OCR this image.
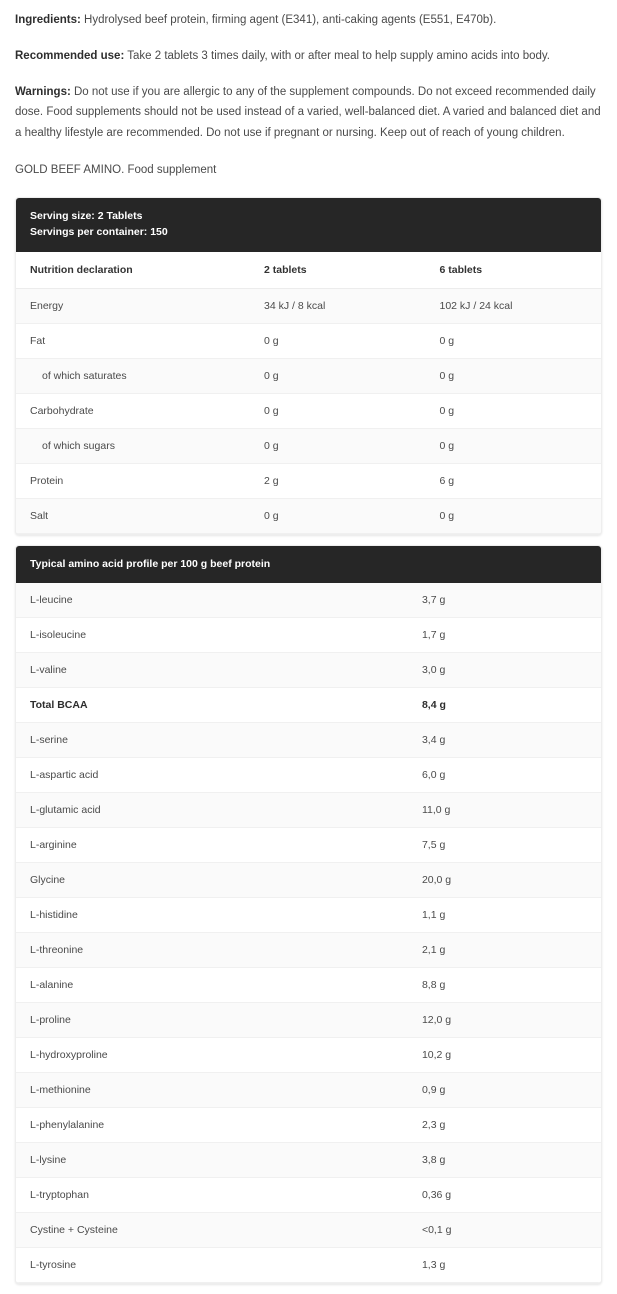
Ingredients: Hydrolysed beef protein, firming agent (E341), anti-caking agents (E551, E470b).

Recommended use: Take 2 tablets 3 times daily, with or after meal to help supply amino acids into body.

Warnings: Do not use if you are allergic to any of the supplement compounds. Do not exceed recommended daily dose. Food supplements should not be used instead of a varied, well-balanced diet. A varied and balanced diet and a healthy lifestyle are recommended. Do not use if pregnant or nursing. Keep out of reach of young children.

GOLD BEEF AMINO. Food supplement

Serving size: 2 Tablets
Servings per container: 150
Nutrition declaration	2 tablets	6 tablets
Energy	34 kJ / 8 kcal	102 kJ / 24 kcal
Fat	0 g	0 g
of which saturates	0 g	0 g
Carbohydrate	0 g	0 g
of which sugars	0 g	0 g
Protein	2 g	6 g
Salt	0 g	0 g
Typical amino acid profile per 100 g beef protein
L-leucine	3,7 g
L-isoleucine	1,7 g
L-valine	3,0 g
Total BCAA	8,4 g
L-serine	3,4 g
L-aspartic acid	6,0 g
L-glutamic acid	11,0 g
L-arginine	7,5 g
Glycine	20,0 g
L-histidine	1,1 g
L-threonine	2,1 g
L-alanine	8,8 g
L-proline	12,0 g
L-hydroxyproline	10,2 g
L-methionine	0,9 g
L-phenylalanine	2,3 g
L-lysine	3,8 g
L-tryptophan	0,36 g
Cystine + Cysteine	<0,1 g
L-tyrosine	1,3 g
